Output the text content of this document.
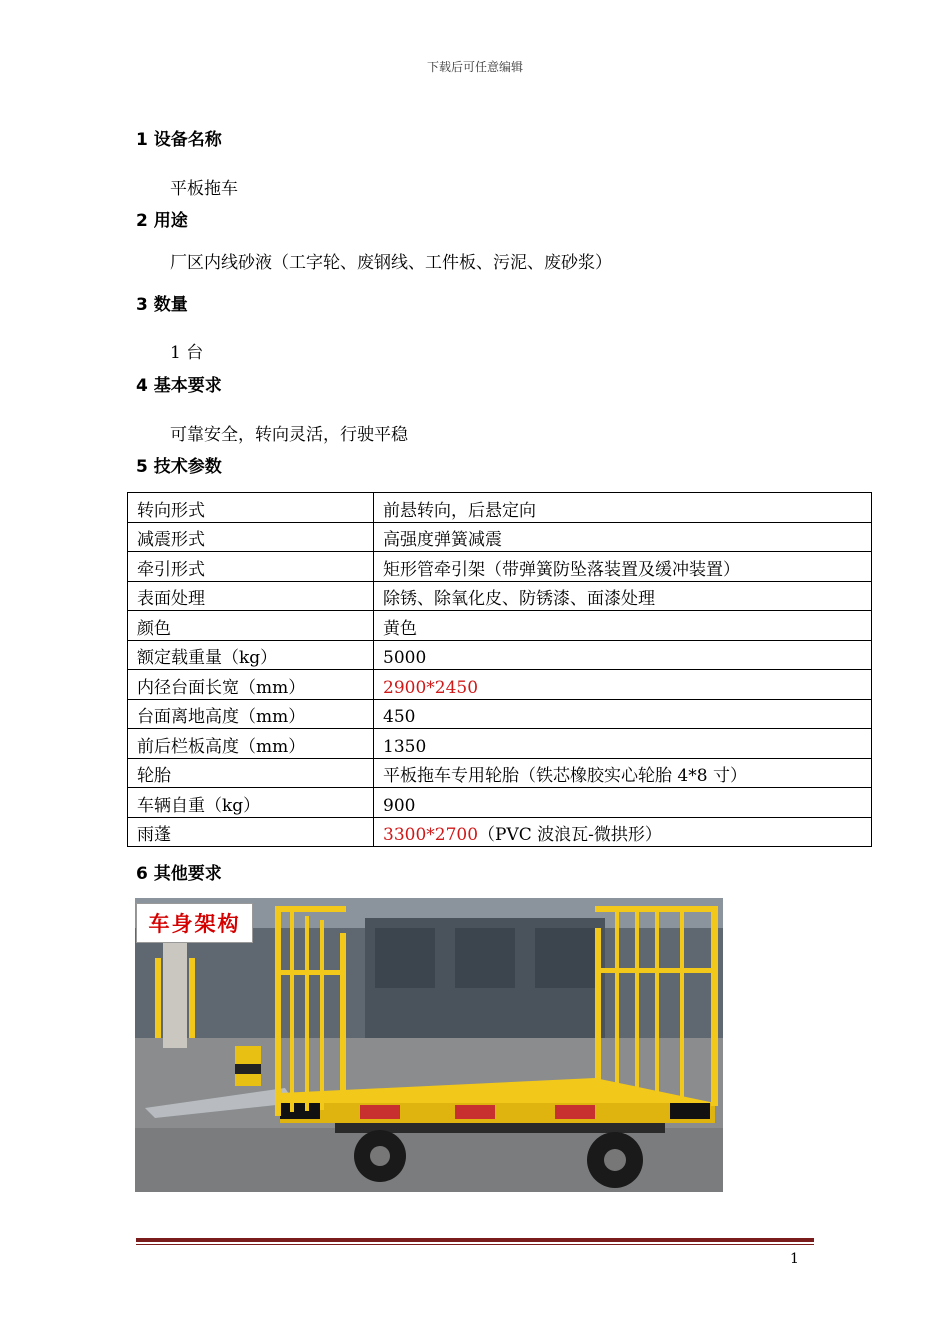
下载后可任意编辑
1 设备名称
平板拖车
2 用途
厂区内线砂液（工字轮、废钢线、工件板、污泥、废砂浆）
3 数量
1 台
4 基本要求
可靠安全，转向灵活，行驶平稳
5 技术参数
转向形式	前悬转向，后悬定向
减震形式	高强度弹簧减震
牵引形式	矩形管牵引架（带弹簧防坠落装置及缓冲装置）
表面处理	除锈、除氧化皮、防锈漆、面漆处理
颜色	黄色
额定载重量（kg）	5000
内径台面长宽（mm）	2900*2450
台面离地高度（mm）	450
前后栏板高度（mm）	1350
轮胎	平板拖车专用轮胎（铁芯橡胶实心轮胎 4*8 寸）
车辆自重（kg）	900
雨蓬	3300*2700（PVC 波浪瓦-微拱形）
6 其他要求
车身架构
1
